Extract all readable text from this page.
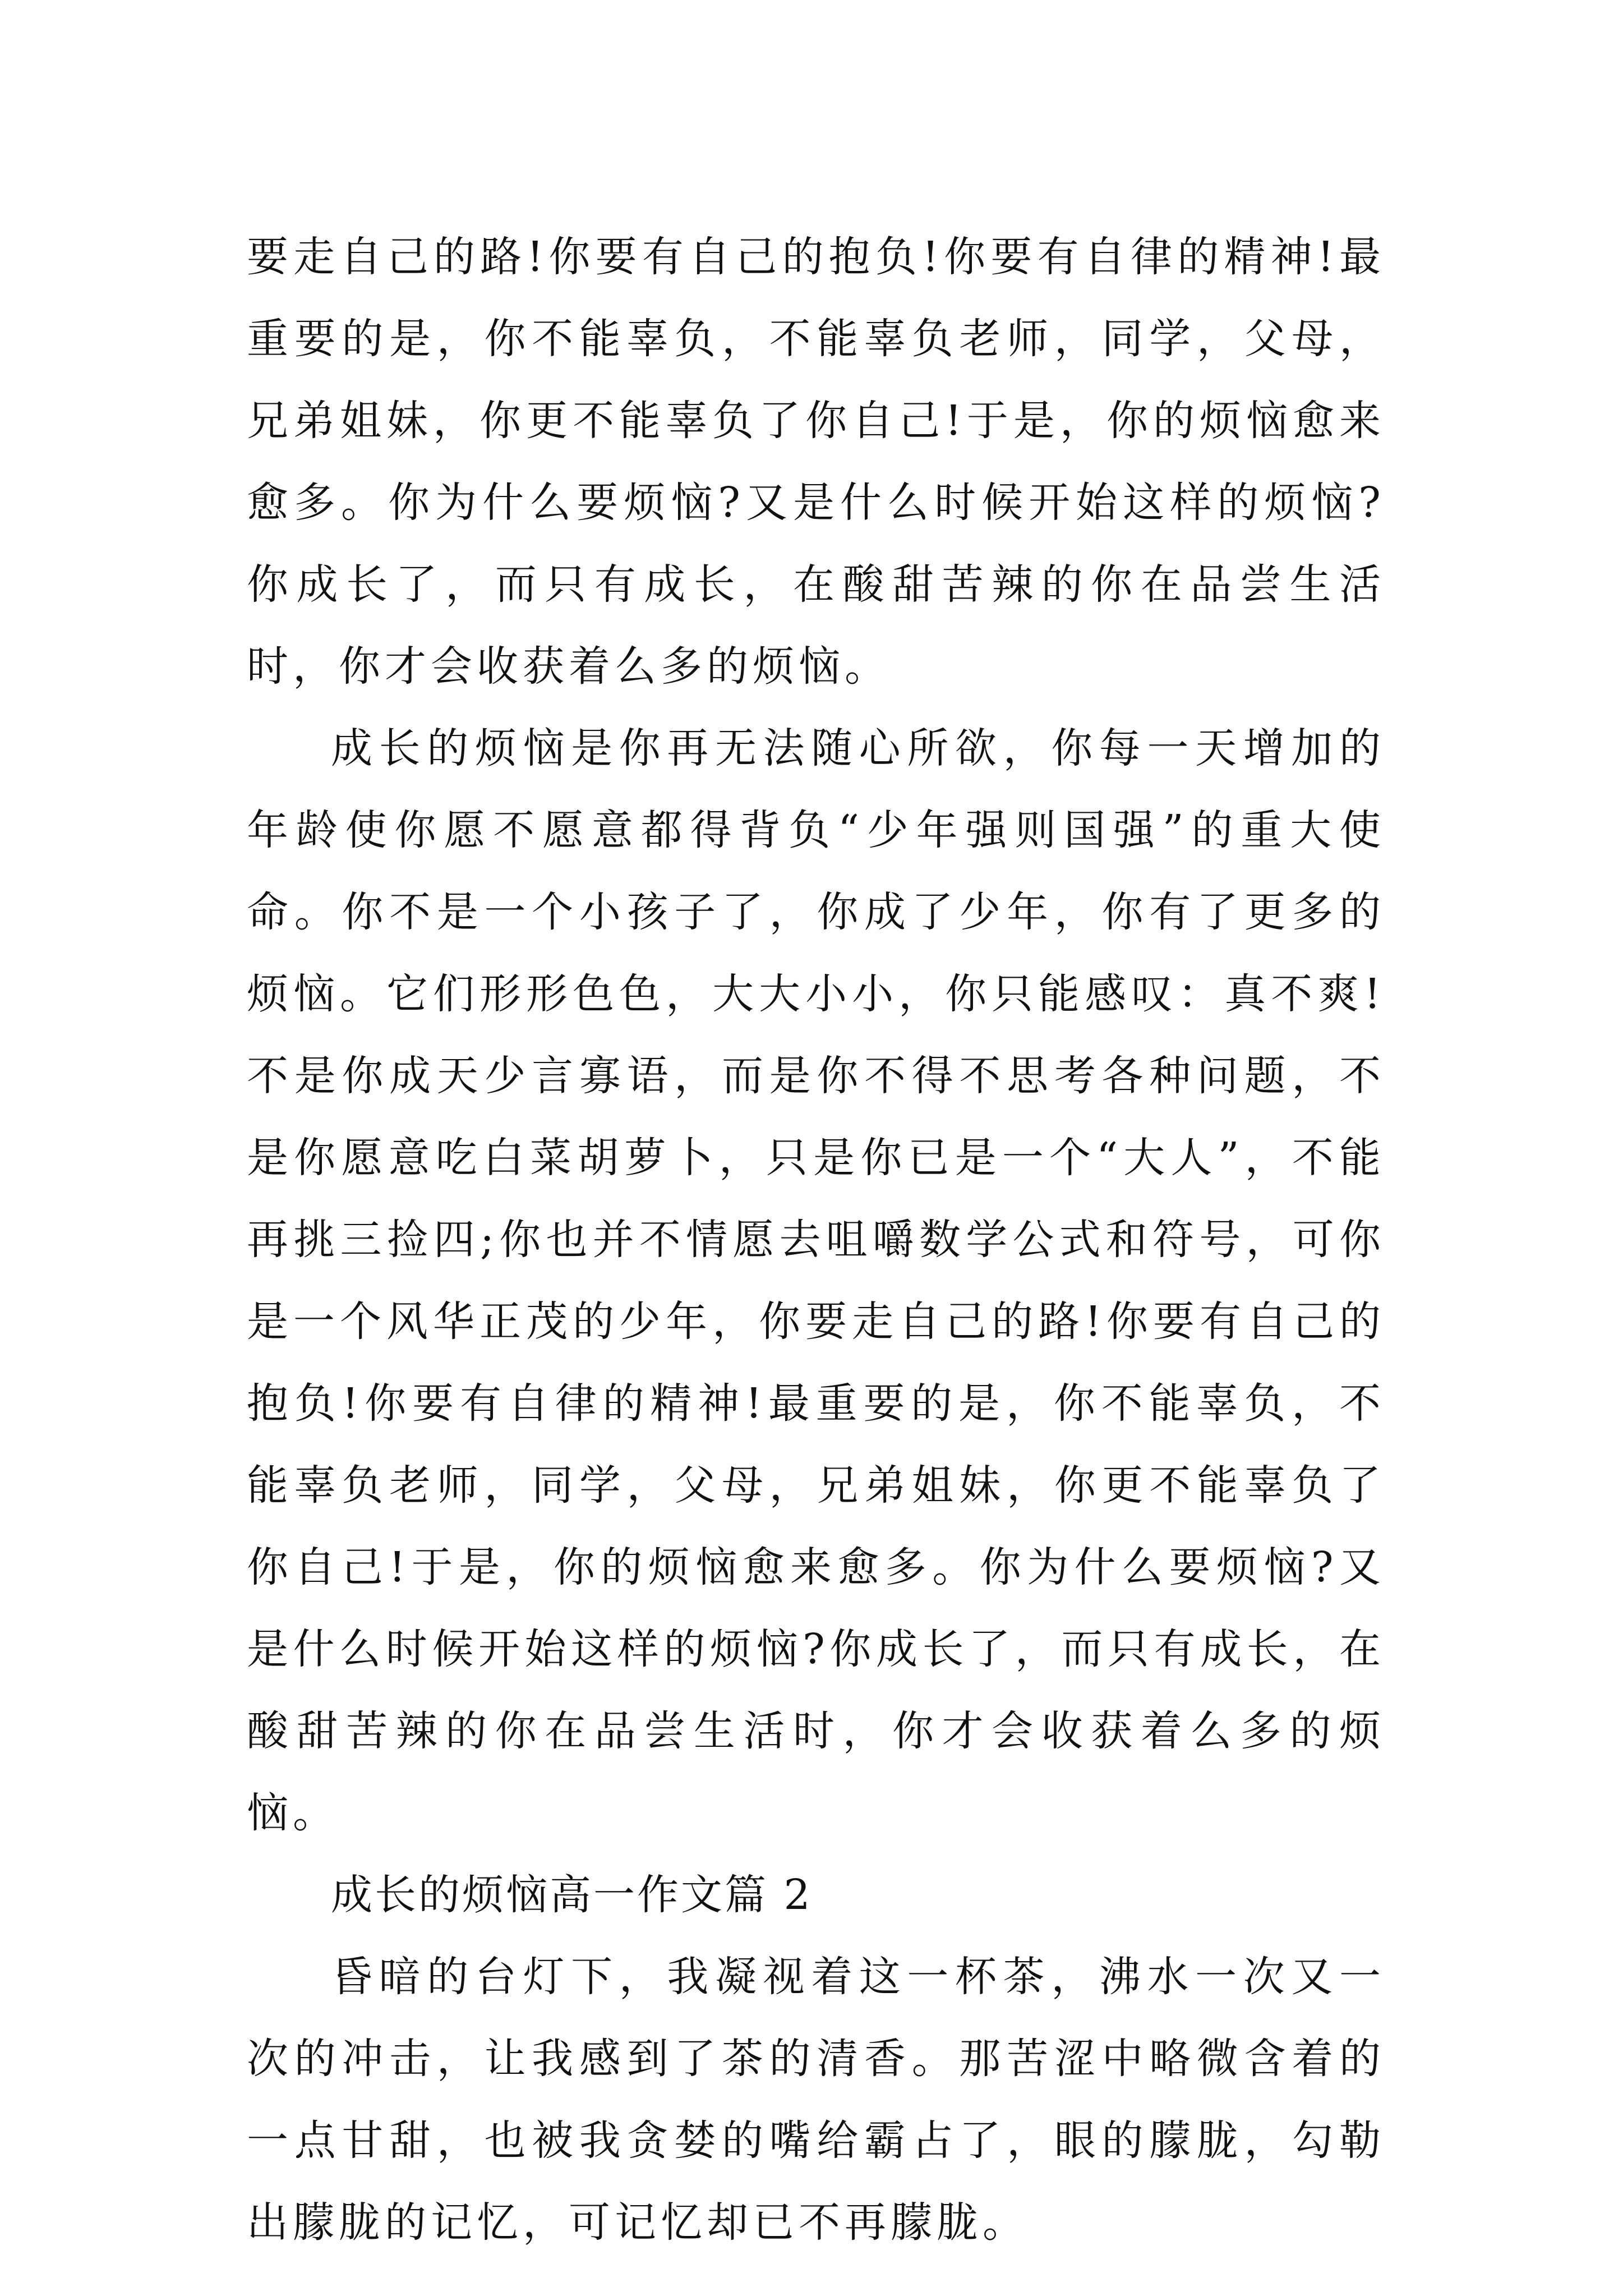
要走自己的路!你要有自己的抱负!你要有自律的精神!最重要的是，你不能辜负，不能辜负老师，同学，父母，兄弟姐妹，你更不能辜负了你自己!于是，你的烦恼愈来愈多。你为什么要烦恼?又是什么时候开始这样的烦恼?你成长了，而只有成长，在酸甜苦辣的你在品尝生活时，你才会收获着么多的烦恼。

成长的烦恼是你再无法随心所欲，你每一天增加的年龄使你愿不愿意都得背负“少年强则国强”的重大使命。你不是一个小孩子了，你成了少年，你有了更多的烦恼。它们形形色色，大大小小，你只能感叹：真不爽!不是你成天少言寡语，而是你不得不思考各种问题，不是你愿意吃白菜胡萝卜，只是你已是一个“大人”，不能再挑三捡四;你也并不情愿去咀嚼数学公式和符号，可你是一个风华正茂的少年，你要走自己的路!你要有自己的抱负!你要有自律的精神!最重要的是，你不能辜负，不能辜负老师，同学，父母，兄弟姐妹，你更不能辜负了你自己!于是，你的烦恼愈来愈多。你为什么要烦恼?又是什么时候开始这样的烦恼?你成长了，而只有成长，在酸甜苦辣的你在品尝生活时，你才会收获着么多的烦恼。

成长的烦恼高一作文篇 2

昏暗的台灯下，我凝视着这一杯茶，沸水一次又一次的冲击，让我感到了茶的清香。那苦涩中略微含着的一点甘甜，也被我贪婪的嘴给霸占了，眼的朦胧，勾勒出朦胧的记忆，可记忆却已不再朦胧。
